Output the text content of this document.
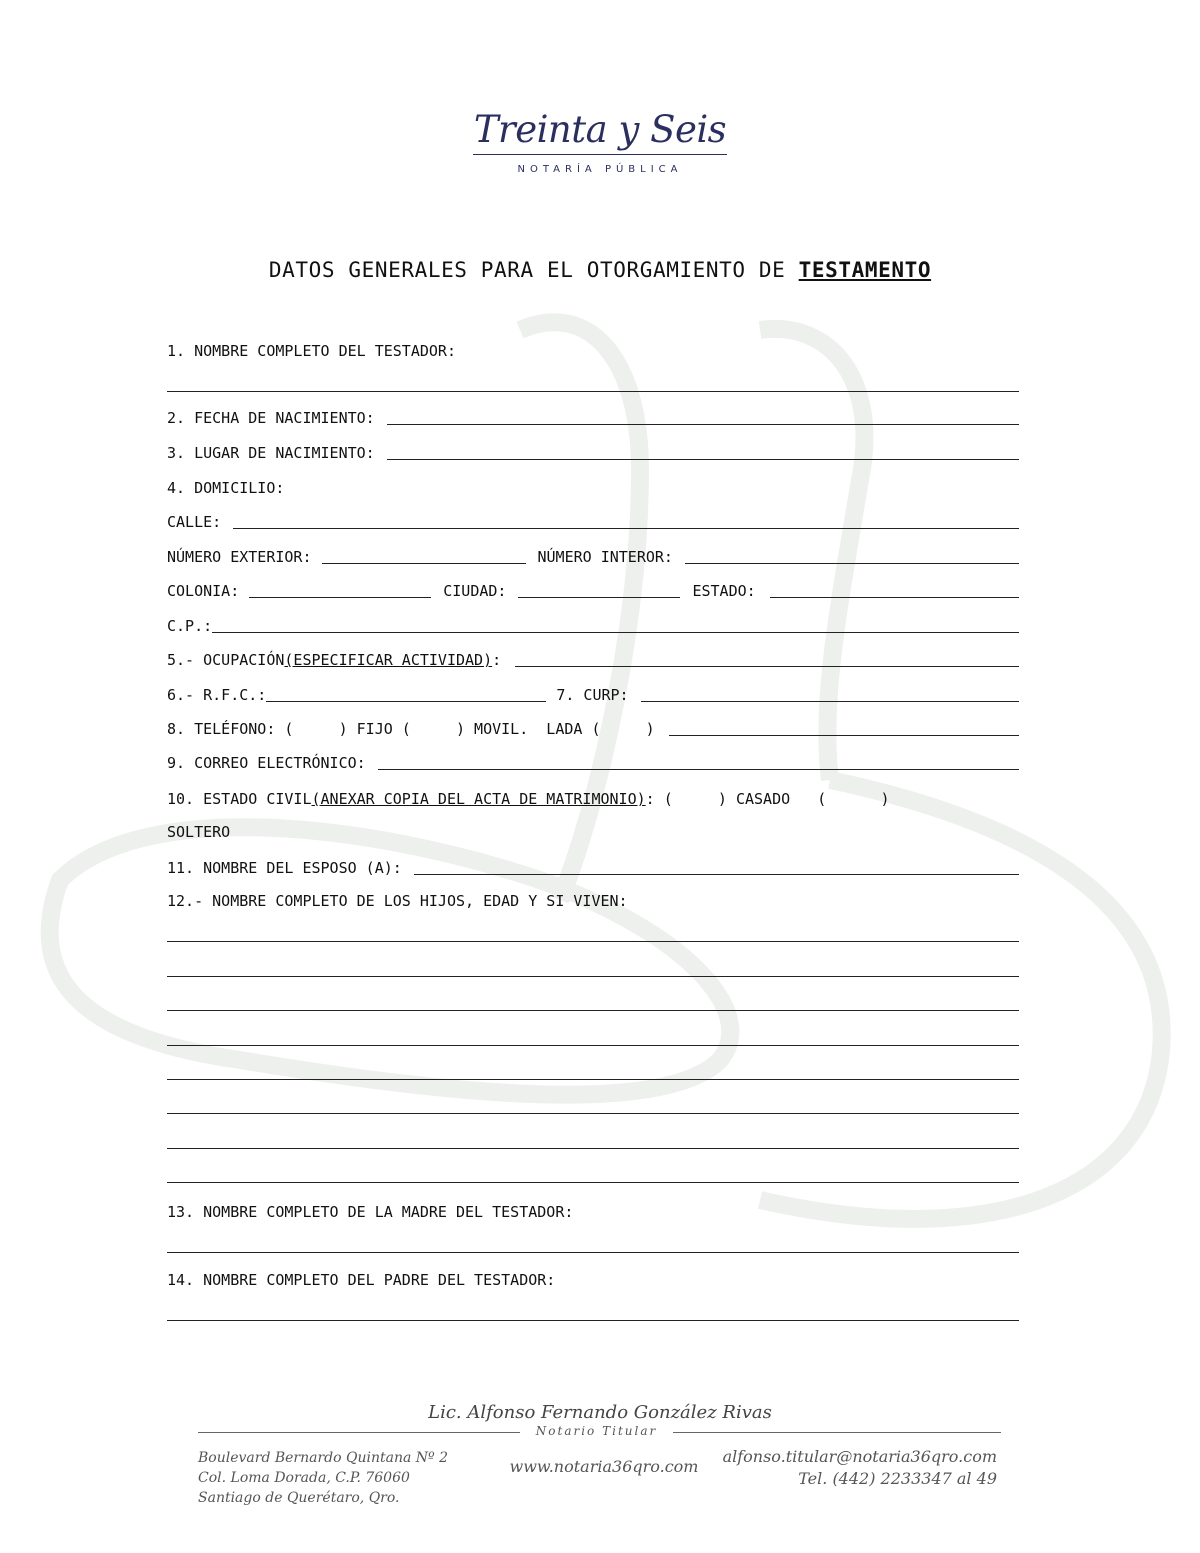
Treinta y Seis
NOTARÍA PÚBLICA
DATOS GENERALES PARA EL OTORGAMIENTO DE TESTAMENTO
1. NOMBRE COMPLETO DEL TESTADOR:
2. FECHA DE NACIMIENTO:
3. LUGAR DE NACIMIENTO:
4. DOMICILIO:
CALLE:
NÚMERO EXTERIOR:	NÚMERO INTEROR:
COLONIA:	CIUDAD:	ESTADO:
C.P.:
5.- OCUPACIÓN (ESPECIFICAR ACTIVIDAD) :
6.- R.F.C.:	7. CURP:
8. TELÉFONO: (     ) FIJO (     ) MOVIL.  LADA (     )
9. CORREO ELECTRÓNICO:
10. ESTADO CIVIL (ANEXAR COPIA DEL ACTA DE MATRIMONIO) : (     ) CASADO   (      )
SOLTERO
11. NOMBRE DEL ESPOSO (A):
12.- NOMBRE COMPLETO DE LOS HIJOS, EDAD Y SI VIVEN:
13. NOMBRE COMPLETO DE LA MADRE DEL TESTADOR:
14. NOMBRE COMPLETO DEL PADRE DEL TESTADOR:
Lic. Alfonso Fernando González Rivas
Notario Titular
Boulevard Bernardo Quintana Nº 2
Col. Loma Dorada, C.P. 76060
Santiago de Querétaro, Qro.
www.notaria36qro.com
alfonso.titular@notaria36qro.com
Tel. (442) 2233347 al 49
